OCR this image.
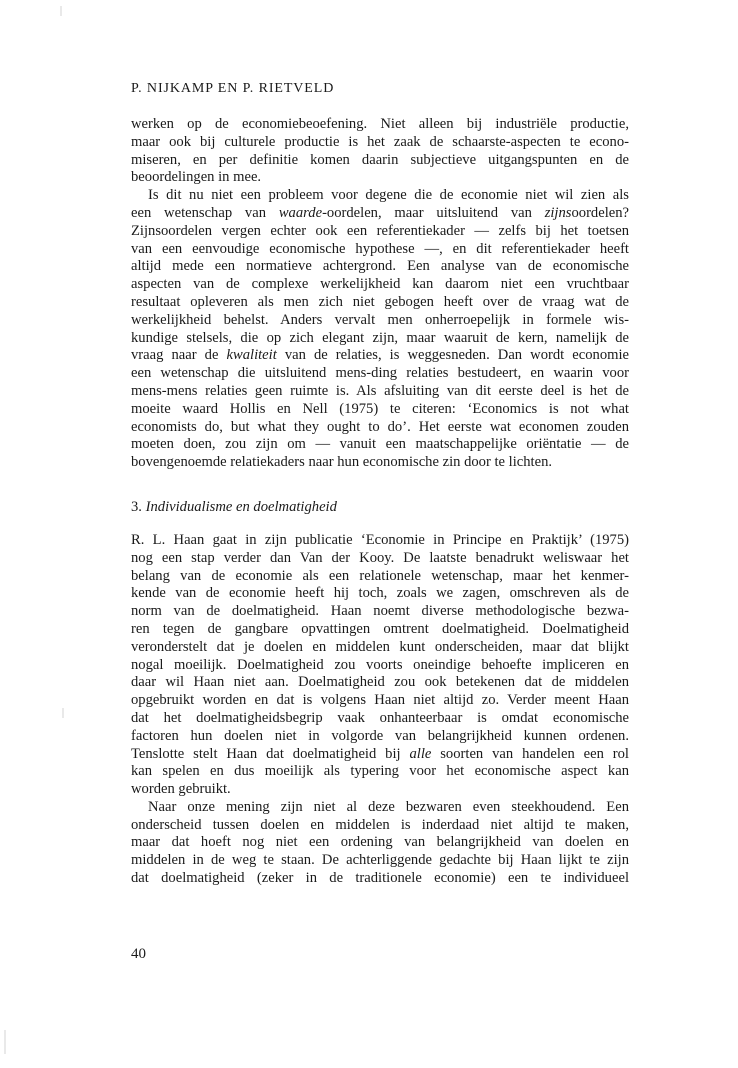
P. NIJKAMP EN P. RIETVELD

werken op de economiebeoefening. Niet alleen bij industriële productie,
maar ook bij culturele productie is het zaak de schaarste-aspecten te econo-
miseren, en per definitie komen daarin subjectieve uitgangspunten en de
beoordelingen in mee.

Is dit nu niet een probleem voor degene die de economie niet wil zien als
een wetenschap van waarde-oordelen, maar uitsluitend van zijnsoordelen?
Zijnsoordelen vergen echter ook een referentiekader — zelfs bij het toetsen
van een eenvoudige economische hypothese —, en dit referentiekader heeft
altijd mede een normatieve achtergrond. Een analyse van de economische
aspecten van de complexe werkelijkheid kan daarom niet een vruchtbaar
resultaat opleveren als men zich niet gebogen heeft over de vraag wat de
werkelijkheid behelst. Anders vervalt men onherroepelijk in formele wis-
kundige stelsels, die op zich elegant zijn, maar waaruit de kern, namelijk de
vraag naar de kwaliteit van de relaties, is weggesneden. Dan wordt economie
een wetenschap die uitsluitend mens-ding relaties bestudeert, en waarin voor
mens-mens relaties geen ruimte is. Als afsluiting van dit eerste deel is het de
moeite waard Hollis en Nell (1975) te citeren: ‘Economics is not what
economists do, but what they ought to do’. Het eerste wat economen zouden
moeten doen, zou zijn om — vanuit een maatschappelijke oriëntatie — de
bovengenoemde relatiekaders naar hun economische zin door te lichten.

3. Individualisme en doelmatigheid

R. L. Haan gaat in zijn publicatie ‘Economie in Principe en Praktijk’ (1975)
nog een stap verder dan Van der Kooy. De laatste benadrukt weliswaar het
belang van de economie als een relationele wetenschap, maar het kenmer-
kende van de economie heeft hij toch, zoals we zagen, omschreven als de
norm van de doelmatigheid. Haan noemt diverse methodologische bezwa-
ren tegen de gangbare opvattingen omtrent doelmatigheid. Doelmatigheid
veronderstelt dat je doelen en middelen kunt onderscheiden, maar dat blijkt
nogal moeilijk. Doelmatigheid zou voorts oneindige behoefte impliceren en
daar wil Haan niet aan. Doelmatigheid zou ook betekenen dat de middelen
opgebruikt worden en dat is volgens Haan niet altijd zo. Verder meent Haan
dat het doelmatigheidsbegrip vaak onhanteerbaar is omdat economische
factoren hun doelen niet in volgorde van belangrijkheid kunnen ordenen.
Tenslotte stelt Haan dat doelmatigheid bij alle soorten van handelen een rol
kan spelen en dus moeilijk als typering voor het economische aspect kan
worden gebruikt.

Naar onze mening zijn niet al deze bezwaren even steekhoudend. Een
onderscheid tussen doelen en middelen is inderdaad niet altijd te maken,
maar dat hoeft nog niet een ordening van belangrijkheid van doelen en
middelen in de weg te staan. De achterliggende gedachte bij Haan lijkt te zijn
dat doelmatigheid (zeker in de traditionele economie) een te individueel

40
